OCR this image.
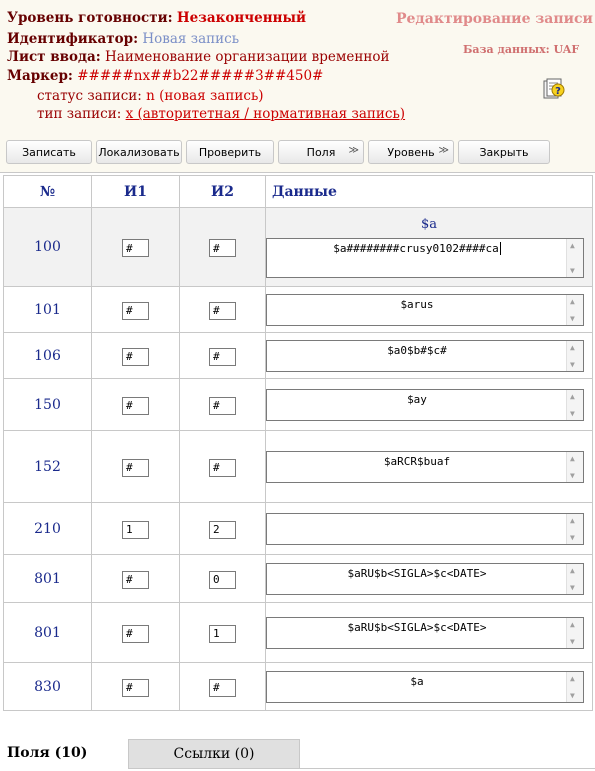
Уровень готовности: Незаконченный
Идентификатор: Новая запись
Лист ввода: Наименование организации временной
Маркер: #####nx##b22#####3##450#
статус записи: n (новая запись)
тип записи: x (авторитетная / нормативная запись)
Редактирование записи
База данных: UAF
?
Записать Локализовать Проверить	Поля ≫	Уровень ≫	Закрыть
№	И1	И2	Данные
100	#	#	$a
$a########crusy0102####ca ▲
▼

101	#	#	$arus ▲
▼

106	#	#	$a0$b#$c# ▲
▼

150	#	#	$ay ▲
▼

152	#	#	$aRCR$buaf ▲
▼

210	1	2	▲
▼

801	#	0	$aRU$b<SIGLA>$c<DATE> ▲
▼

801	#	1	$aRU$b<SIGLA>$c<DATE> ▲
▼

830	#	#	$a ▲
▼
Поля (10)	Ссылки (0)
